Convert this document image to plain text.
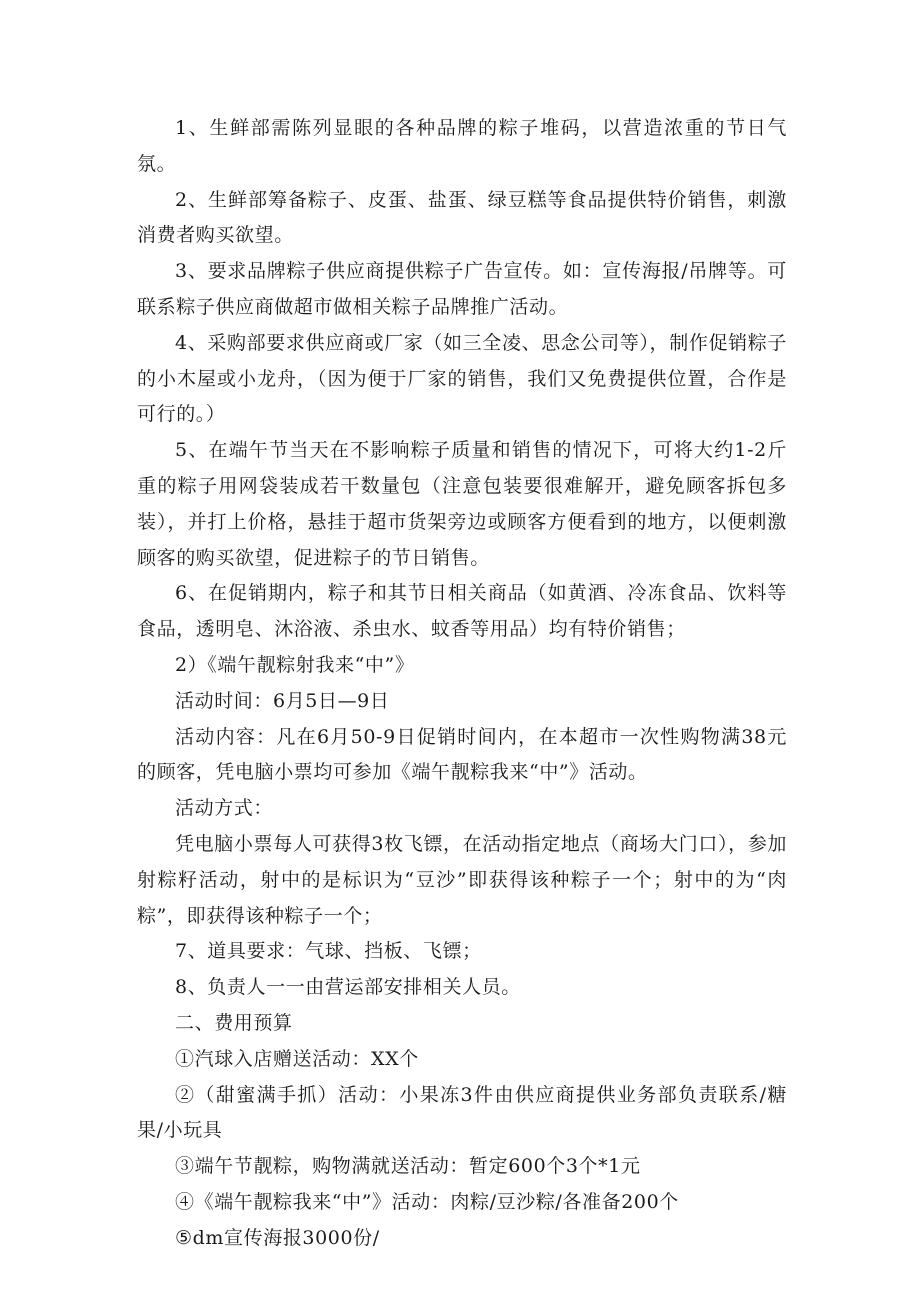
1、生鲜部需陈列显眼的各种品牌的粽子堆码，以营造浓重的节日气氛。

2、生鲜部筹备粽子、皮蛋、盐蛋、绿豆糕等食品提供特价销售，刺激消费者购买欲望。

3、要求品牌粽子供应商提供粽子广告宣传。如：宣传海报/吊牌等。可联系粽子供应商做超市做相关粽子品牌推广活动。

4、采购部要求供应商或厂家（如三全凌、思念公司等），制作促销粽子的小木屋或小龙舟，（因为便于厂家的销售，我们又免费提供位置，合作是可行的。）

5、在端午节当天在不影响粽子质量和销售的情况下，可将大约1-2斤重的粽子用网袋装成若干数量包（注意包装要很难解开，避免顾客拆包多装），并打上价格，悬挂于超市货架旁边或顾客方便看到的地方，以便刺激顾客的购买欲望，促进粽子的节日销售。

6、在促销期内，粽子和其节日相关商品（如黄酒、冷冻食品、饮料等食品，透明皂、沐浴液、杀虫水、蚊香等用品）均有特价销售；

2）《端午靓粽射我来“中”》

活动时间：6月5日—9日

活动内容：凡在6月50-9日促销时间内，在本超市一次性购物满38元的顾客，凭电脑小票均可参加《端午靓粽我来“中”》活动。

活动方式：

凭电脑小票每人可获得3枚飞镖，在活动指定地点（商场大门口），参加射粽籽活动，射中的是标识为“豆沙”即获得该种粽子一个；射中的为“肉粽”，即获得该种粽子一个；

7、道具要求：气球、挡板、飞镖；

8、负责人一一由营运部安排相关人员。

二、费用预算

①汽球入店赠送活动：XX个

②（甜蜜满手抓）活动：小果冻3件由供应商提供业务部负责联系/糖果/小玩具

③端午节靓粽，购物满就送活动：暂定600个3个*1元

④《端午靓粽我来“中”》活动：肉粽/豆沙粽/各准备200个

⑤dm宣传海报3000份/
